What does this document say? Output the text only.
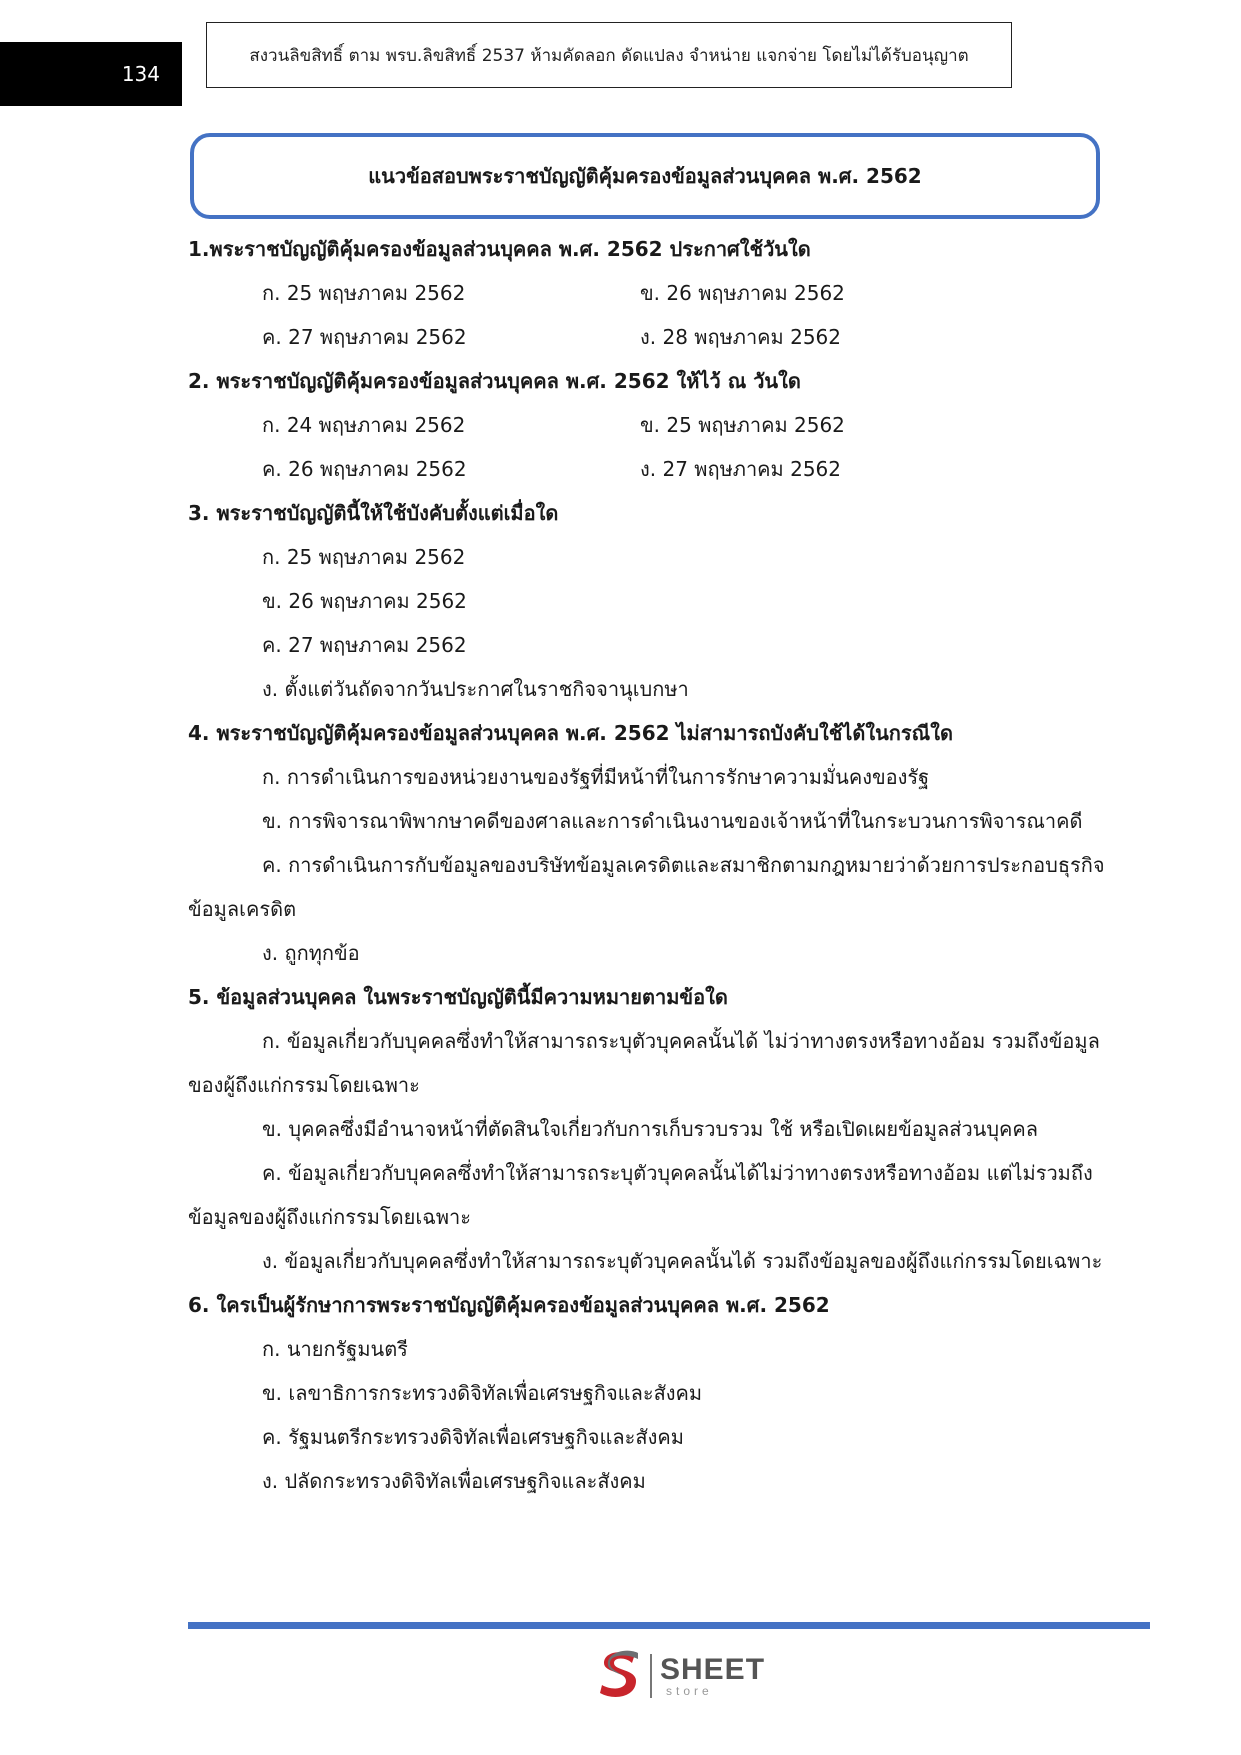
134
สงวนลิขสิทธิ์ ตาม พรบ.ลิขสิทธิ์ 2537 ห้ามคัดลอก ดัดแปลง จำหน่าย แจกจ่าย โดยไม่ได้รับอนุญาต
แนวข้อสอบพระราชบัญญัติคุ้มครองข้อมูลส่วนบุคคล พ.ศ. 2562
1.พระราชบัญญัติคุ้มครองข้อมูลส่วนบุคคล พ.ศ. 2562 ประกาศใช้วันใด
ก. 25 พฤษภาคม 2562	ข. 26 พฤษภาคม 2562
ค. 27 พฤษภาคม 2562	ง. 28 พฤษภาคม 2562
2. พระราชบัญญัติคุ้มครองข้อมูลส่วนบุคคล พ.ศ. 2562 ให้ไว้ ณ วันใด
ก. 24 พฤษภาคม 2562	ข. 25 พฤษภาคม 2562
ค. 26 พฤษภาคม 2562	ง. 27 พฤษภาคม 2562
3. พระราชบัญญัตินี้ให้ใช้บังคับตั้งแต่เมื่อใด
ก. 25 พฤษภาคม 2562
ข. 26 พฤษภาคม 2562
ค. 27 พฤษภาคม 2562
ง. ตั้งแต่วันถัดจากวันประกาศในราชกิจจานุเบกษา
4. พระราชบัญญัติคุ้มครองข้อมูลส่วนบุคคล พ.ศ. 2562 ไม่สามารถบังคับใช้ได้ในกรณีใด
ก. การดำเนินการของหน่วยงานของรัฐที่มีหน้าที่ในการรักษาความมั่นคงของรัฐ
ข. การพิจารณาพิพากษาคดีของศาลและการดำเนินงานของเจ้าหน้าที่ในกระบวนการพิจารณาคดี
ค. การดำเนินการกับข้อมูลของบริษัทข้อมูลเครดิตและสมาชิกตามกฎหมายว่าด้วยการประกอบธุรกิจข้อมูลเครดิต
ง. ถูกทุกข้อ
5. ข้อมูลส่วนบุคคล ในพระราชบัญญัตินี้มีความหมายตามข้อใด
ก. ข้อมูลเกี่ยวกับบุคคลซึ่งทำให้สามารถระบุตัวบุคคลนั้นได้ ไม่ว่าทางตรงหรือทางอ้อม รวมถึงข้อมูลของผู้ถึงแก่กรรมโดยเฉพาะ
ข. บุคคลซึ่งมีอำนาจหน้าที่ตัดสินใจเกี่ยวกับการเก็บรวบรวม ใช้ หรือเปิดเผยข้อมูลส่วนบุคคล
ค. ข้อมูลเกี่ยวกับบุคคลซึ่งทำให้สามารถระบุตัวบุคคลนั้นได้ไม่ว่าทางตรงหรือทางอ้อม แต่ไม่รวมถึงข้อมูลของผู้ถึงแก่กรรมโดยเฉพาะ
ง. ข้อมูลเกี่ยวกับบุคคลซึ่งทำให้สามารถระบุตัวบุคคลนั้นได้ รวมถึงข้อมูลของผู้ถึงแก่กรรมโดยเฉพาะ
6. ใครเป็นผู้รักษาการพระราชบัญญัติคุ้มครองข้อมูลส่วนบุคคล พ.ศ. 2562
ก. นายกรัฐมนตรี
ข. เลขาธิการกระทรวงดิจิทัลเพื่อเศรษฐกิจและสังคม
ค. รัฐมนตรีกระทรวงดิจิทัลเพื่อเศรษฐกิจและสังคม
ง. ปลัดกระทรวงดิจิทัลเพื่อเศรษฐกิจและสังคม
SHEET
store
